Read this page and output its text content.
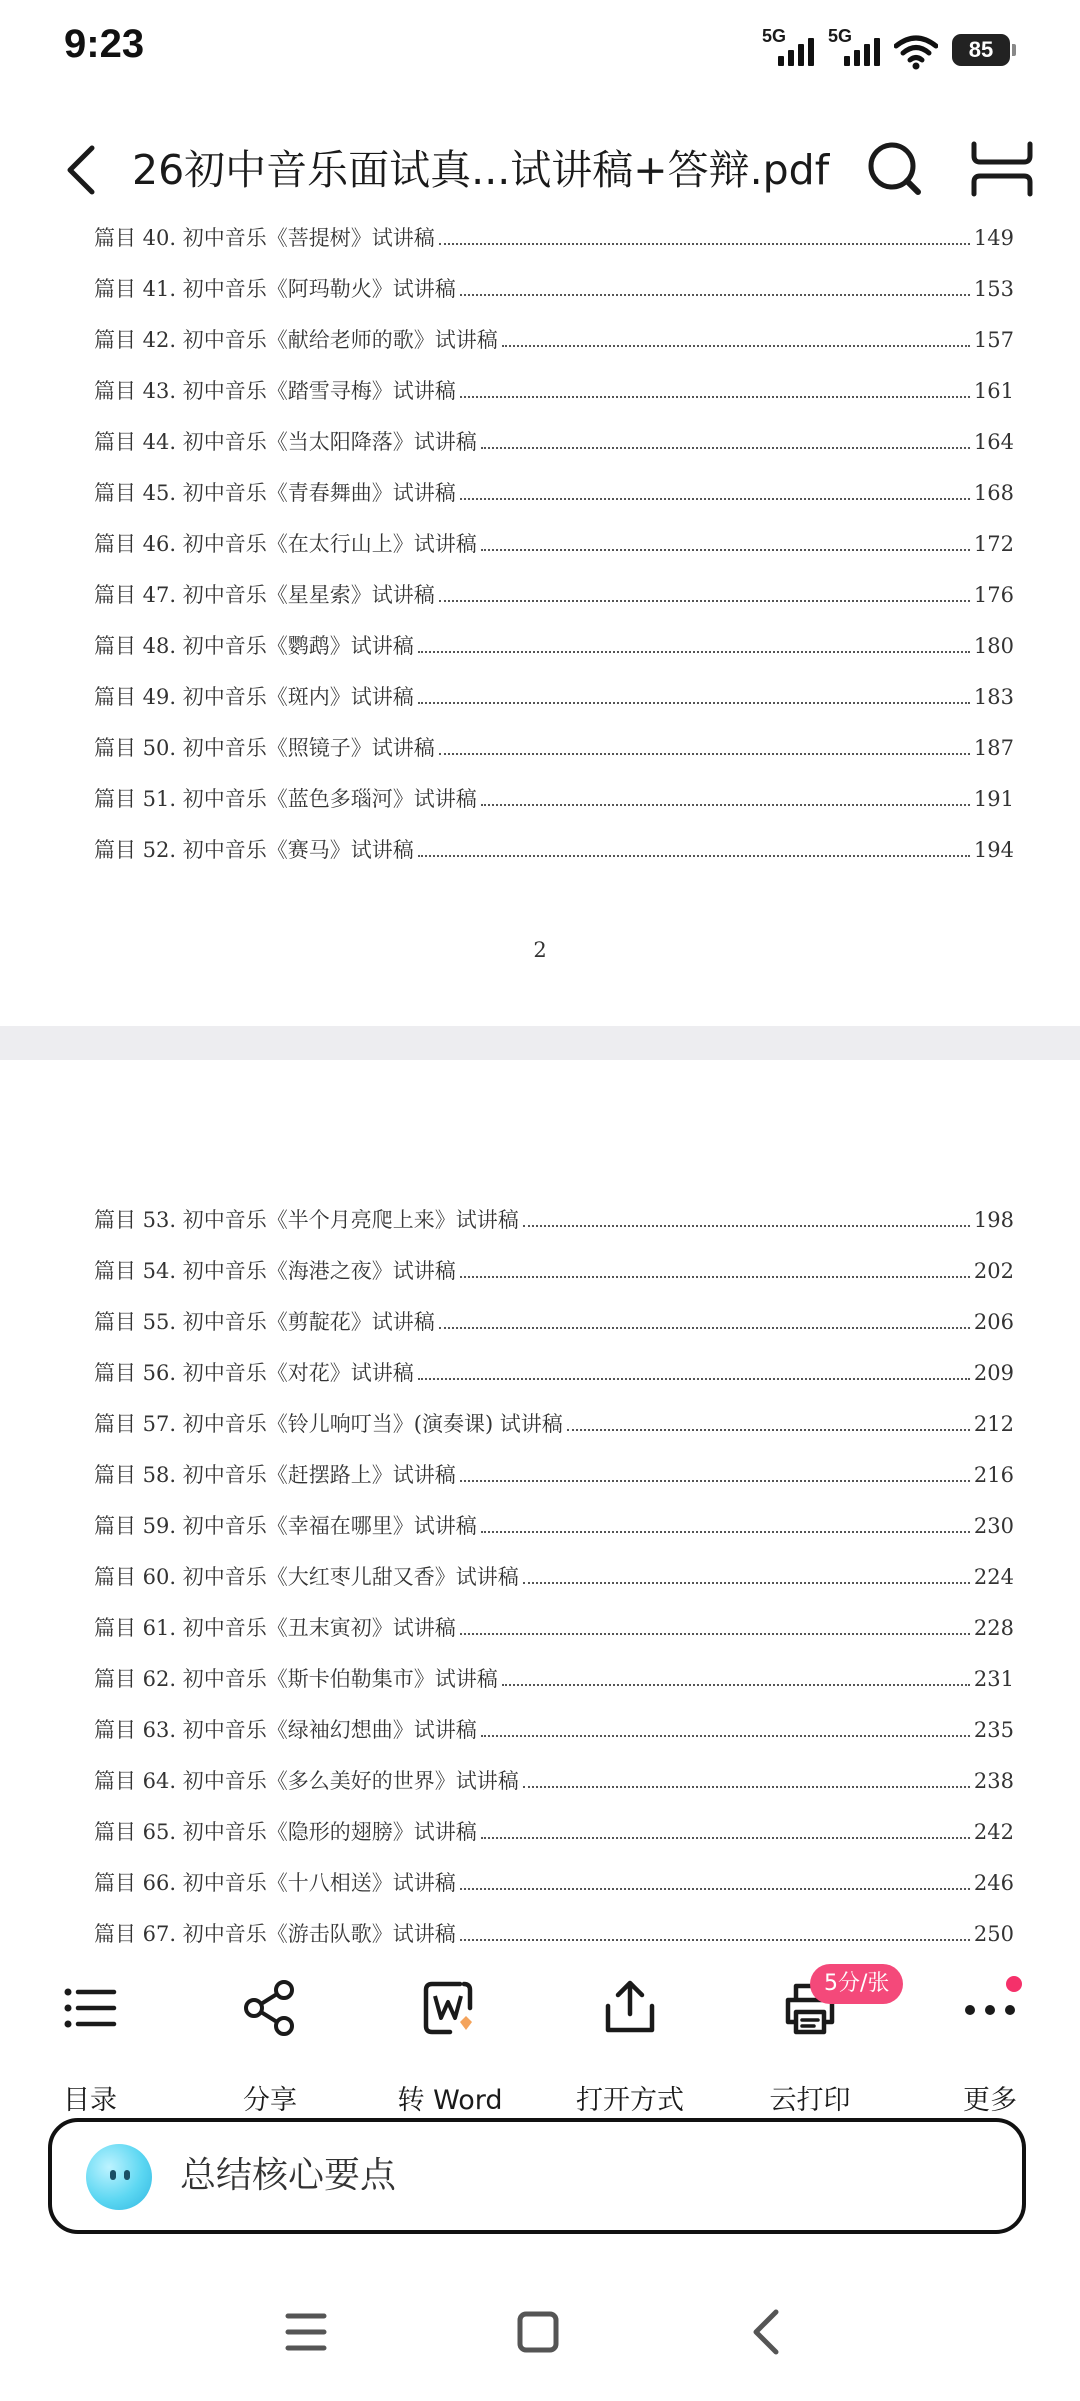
9:23	5G 5G
85
26初中音乐面试真...试讲稿+答辩.pdf
篇目 40. 初中音乐《菩提树》试讲稿	149
篇目 41. 初中音乐《阿玛勒火》试讲稿	153
篇目 42. 初中音乐《献给老师的歌》试讲稿	157
篇目 43. 初中音乐《踏雪寻梅》试讲稿	161
篇目 44. 初中音乐《当太阳降落》试讲稿	164
篇目 45. 初中音乐《青春舞曲》试讲稿	168
篇目 46. 初中音乐《在太行山上》试讲稿	172
篇目 47. 初中音乐《星星索》试讲稿	176
篇目 48. 初中音乐《鹦鹉》试讲稿	180
篇目 49. 初中音乐《斑内》试讲稿	183
篇目 50. 初中音乐《照镜子》试讲稿	187
篇目 51. 初中音乐《蓝色多瑙河》试讲稿	191
篇目 52. 初中音乐《赛马》试讲稿	194
2
篇目 53. 初中音乐《半个月亮爬上来》试讲稿	198
篇目 54. 初中音乐《海港之夜》试讲稿	202
篇目 55. 初中音乐《剪靛花》试讲稿	206
篇目 56. 初中音乐《对花》试讲稿	209
篇目 57. 初中音乐《铃儿响叮当》(演奏课) 试讲稿	212
篇目 58. 初中音乐《赶摆路上》试讲稿	216
篇目 59. 初中音乐《幸福在哪里》试讲稿	230
篇目 60. 初中音乐《大红枣儿甜又香》试讲稿	224
篇目 61. 初中音乐《丑末寅初》试讲稿	228
篇目 62. 初中音乐《斯卡伯勒集市》试讲稿	231
篇目 63. 初中音乐《绿袖幻想曲》试讲稿	235
篇目 64. 初中音乐《多么美好的世界》试讲稿	238
篇目 65. 初中音乐《隐形的翅膀》试讲稿	242
篇目 66. 初中音乐《十八相送》试讲稿	246
篇目 67. 初中音乐《游击队歌》试讲稿	250
目录	分享	转 Word	打开方式	云打印	更多
5分/张
总结核心要点
